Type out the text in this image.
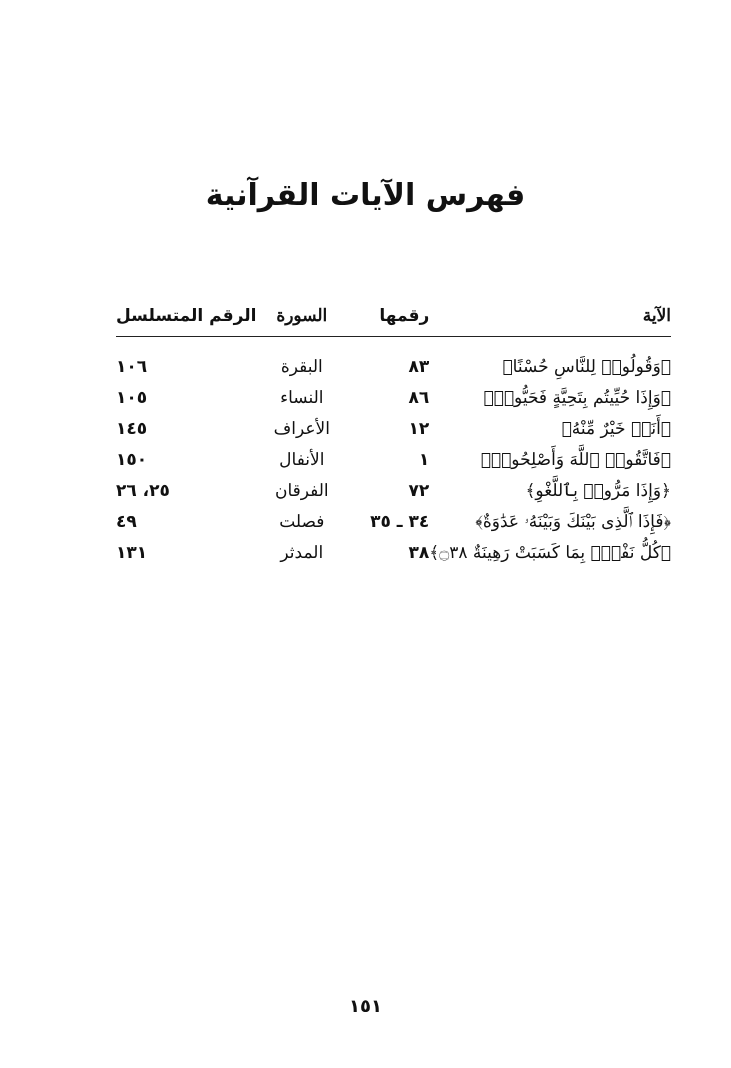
فهرس الآيات القرآنية
الآية	رقمها	السورة	الرقم المتسلسل
﴿وَقُولُوا۟ لِلنَّاسِ حُسْنًا﴾	٨٣	البقرة	١٠٦
﴿وَإِذَا حُيِّيتُم بِتَحِيَّةٍ فَحَيُّوا۟﴾	٨٦	النساء	١٠٥
﴿أَنَا۠ خَيْرٌ مِّنْهُ﴾	١٢	الأعراف	١٤٥
﴿فَاتَّقُوا۟ ٱللَّهَ وَأَصْلِحُوا۟﴾	١	الأنفال	١٥٠
﴿وَإِذَا مَرُّوا۟ بِٱللَّغْوِ﴾	٧٢	الفرقان	٢٥، ٢٦
﴿فَإِذَا ٱلَّذِى بَيْنَكَ وَبَيْنَهُۥ عَدَٰوَةٌ﴾	٣٤ ـ ٣٥	فصلت	٤٩
﴿كُلُّ نَفْسٍۭ بِمَا كَسَبَتْ رَهِينَةٌ ۝٣٨﴾	٣٨	المدثر	١٣١
١٥١
